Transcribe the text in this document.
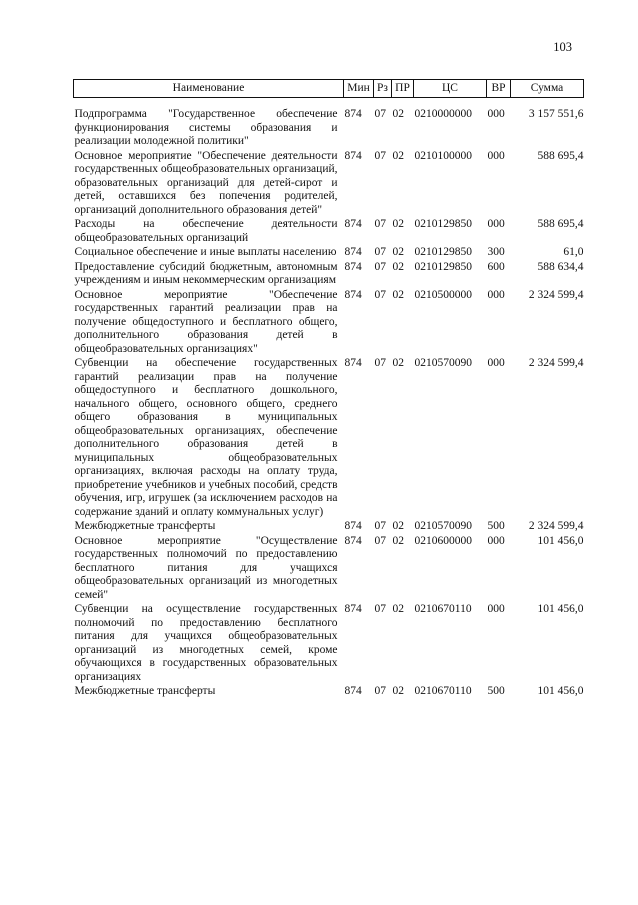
103
Наименование	Мин	Рз	ПР	ЦС	ВР	Сумма
Подпрограмма "Государственное обеспечение функционирования системы образования и реализации молодежной политики"	874	07	02	0210000000	000	3 157 551,6
Основное мероприятие "Обеспечение деятельности государственных общеобразовательных организаций, образовательных организаций для детей-сирот и детей, оставшихся без попечения родителей, организаций дополнительного образования детей"	874	07	02	0210100000	000	588 695,4
Расходы на обеспечение деятельности общеобразовательных организаций	874	07	02	0210129850	000	588 695,4
Социальное обеспечение и иные выплаты населению	874	07	02	0210129850	300	61,0
Предоставление субсидий бюджетным, автономным учреждениям и иным некоммерческим организациям	874	07	02	0210129850	600	588 634,4
Основное мероприятие "Обеспечение государственных гарантий реализации прав на получение общедоступного и бесплатного общего, дополнительного образования детей в общеобразовательных организациях"	874	07	02	0210500000	000	2 324 599,4
Субвенции на обеспечение государственных гарантий реализации прав на получение общедоступного и бесплатного дошкольного, начального общего, основного общего, среднего общего образования в муниципальных общеобразовательных организациях, обеспечение дополнительного образования детей в муниципальных общеобразовательных организациях, включая расходы на оплату труда, приобретение учебников и учебных пособий, средств обучения, игр, игрушек (за исключением расходов на содержание зданий и оплату коммунальных услуг)	874	07	02	0210570090	000	2 324 599,4
Межбюджетные трансферты	874	07	02	0210570090	500	2 324 599,4
Основное мероприятие "Осуществление государственных полномочий по предоставлению бесплатного питания для учащихся общеобразовательных организаций из многодетных семей"	874	07	02	0210600000	000	101 456,0
Субвенции на осуществление государственных полномочий по предоставлению бесплатного питания для учащихся общеобразовательных организаций из многодетных семей, кроме обучающихся в государственных образовательных организациях	874	07	02	0210670110	000	101 456,0
Межбюджетные трансферты	874	07	02	0210670110	500	101 456,0
